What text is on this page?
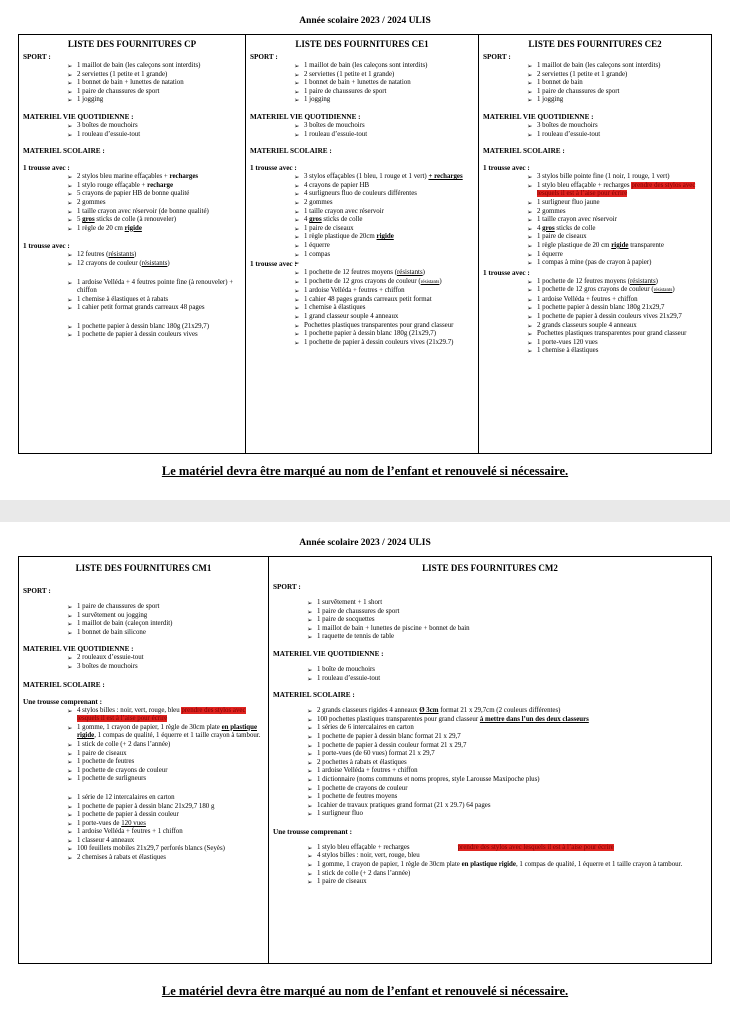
Année scolaire 2023 / 2024 ULIS
LISTE DES FOURNITURES CP
SPORT :
➢ 1 maillot de bain (les caleçons sont interdits)
➢ 2 serviettes (1 petite et 1 grande)
➢ 1 bonnet de bain + lunettes de natation
➢ 1 paire de chaussures de sport
➢ 1 jogging
MATERIEL VIE QUOTIDIENNE :
➢ 3 boîtes de mouchoirs
➢ 1 rouleau d’essuie-tout
MATERIEL SCOLAIRE :
1 trousse avec :
➢ 2 stylos bleu marine effaçables + recharges
➢ 1 stylo rouge effaçable + recharge
➢ 5 crayons de papier HB de bonne qualité
➢ 2 gommes
➢ 1 taille crayon avec réservoir (de bonne qualité)
➢ 5 gros sticks de colle (à renouveler)
➢ 1 règle de 20 cm rigide
1 trousse avec :
➢ 12 feutres (résistants)
➢ 12 crayons de couleur (résistants)
➢ 1 ardoise Velléda + 4 feutres pointe fine (à renouveler) + chiffon
➢ 1 chemise à élastiques et à rabats
➢ 1 cahier petit format grands carreaux 48 pages
➢ 1 pochette papier à dessin blanc 180g (21x29,7)
➢ 1 pochette de papier à dessin couleurs vives
LISTE DES FOURNITURES CE1
SPORT :
➢ 1 maillot de bain (les caleçons sont interdits)
➢ 2 serviettes (1 petite et 1 grande)
➢ 1 bonnet de bain + lunettes de natation
➢ 1 paire de chaussures de sport
➢ 1 jogging
MATERIEL VIE QUOTIDIENNE :
➢ 3 boîtes de mouchoirs
➢ 1 rouleau d’essuie-tout
MATERIEL SCOLAIRE :
1 trousse avec :
➢ 3 stylos effaçables (1 bleu, 1 rouge et 1 vert) + recharges
➢ 4 crayons de papier HB
➢ 4 surligneurs fluo de couleurs différentes
➢ 2 gommes
➢ 1 taille crayon avec réservoir
➢ 4 gros sticks de colle
➢ 1 paire de ciseaux
➢ 1 règle plastique de 20cm rigide
➢ 1 équerre
➢ 1 compas
1 trousse avec :
➢ 1 pochette de 12 feutres moyens (résistants)
➢ 1 pochette de 12 gros crayons de couleur (résistants)
➢ 1 ardoise Velléda + feutres + chiffon
➢ 1 cahier 48 pages grands carreaux petit format
➢ 1 chemise à élastiques
➢ 1 grand classeur souple 4 anneaux
➢ Pochettes plastiques transparentes pour grand classeur
➢ 1 pochette papier à dessin blanc 180g (21x29,7)
➢ 1 pochette de papier à dessin couleurs vives (21x29.7)
LISTE DES FOURNITURES CE2
SPORT :
➢ 1 maillot de bain (les caleçons sont interdits)
➢ 2 serviettes (1 petite et 1 grande)
➢ 1 bonnet de bain
➢ 1 paire de chaussures de sport
➢ 1 jogging
MATERIEL VIE QUOTIDIENNE :
➢ 3 boîtes de mouchoirs
➢ 1 rouleau d’essuie-tout
MATERIEL SCOLAIRE :
1 trousse avec :
➢ 3 stylos bille pointe fine (1 noir, 1 rouge, 1 vert)
➢ 1 stylo bleu effaçable + recharges prendre des stylos avec lesquels il est à l’aise pour écrire
➢ 1 surligneur fluo jaune
➢ 2 gommes
➢ 1 taille crayon avec réservoir
➢ 4 gros sticks de colle
➢ 1 paire de ciseaux
➢ 1 règle plastique de 20 cm rigide transparente
➢ 1 équerre
➢ 1 compas à mine (pas de crayon à papier)
1 trousse avec :
➢ 1 pochette de 12 feutres moyens (résistants)
➢ 1 pochette de 12 gros crayons de couleur (résistants)
➢ 1 ardoise Velléda + feutres + chiffon
➢ 1 pochette papier à dessin blanc 180g 21x29,7
➢ 1 pochette de papier à dessin couleurs vives 21x29,7
➢ 2 grands classeurs souple 4 anneaux
➢ Pochettes plastiques transparentes pour grand classeur
➢ 1 porte-vues 120 vues
➢ 1 chemise à élastiques
Le matériel devra être marqué au nom de l’enfant et renouvelé si nécessaire.
Année scolaire 2023 / 2024 ULIS
LISTE DES FOURNITURES CM1
SPORT :
➢ 1 paire de chaussures de sport
➢ 1 survêtement ou jogging
➢ 1 maillot de bain (caleçon interdit)
➢ 1 bonnet de bain silicone
MATERIEL VIE QUOTIDIENNE :
➢ 2 rouleaux d’essuie-tout
➢ 3 boîtes de mouchoirs
MATERIEL SCOLAIRE :
Une trousse comprenant :
➢ 4 stylos billes : noir, vert, rouge, bleu prendre des stylos avec lesquels il est à l’aise pour écrire
➢ 1 gomme, 1 crayon de papier, 1 règle de 30cm plate en plastique rigide, 1 compas de qualité, 1 équerre et 1 taille crayon à tambour.
➢ 1 stick de colle (+ 2 dans l’année)
➢ 1 paire de ciseaux
➢ 1 pochette de feutres
➢ 1 pochette de crayons de couleur
➢ 1 pochette de surligneurs
➢ 1 série de 12 intercalaires en carton
➢ 1 pochette de papier à dessin blanc 21x29,7 180 g
➢ 1 pochette de papier à dessin couleur
➢ 1 porte-vues de 120 vues
➢ 1 ardoise Velléda + feutres + 1 chiffon
➢ 1 classeur 4 anneaux
➢ 100 feuillets mobiles 21x29,7 perforés blancs (Seyès)
➢ 2 chemises à rabats et élastiques
LISTE DES FOURNITURES CM2
SPORT :
➢ 1 survêtement + 1 short
➢ 1 paire de chaussures de sport
➢ 1 paire de socquettes
➢ 1 maillot de bain + lunettes de piscine + bonnet de bain
➢ 1 raquette de tennis de table
MATERIEL VIE QUOTIDIENNE :
➢ 1 boîte de mouchoirs
➢ 1 rouleau d’essuie-tout
MATERIEL SCOLAIRE :
➢ 2 grands classeurs rigides 4 anneaux Ø 3cm format 21 x 29,7cm (2 couleurs différentes)
➢ 100 pochettes plastiques transparentes pour grand classeur à mettre dans l’un des deux classeurs
➢ 1 séries de 6 intercalaires en carton
➢ 1 pochette de papier à dessin blanc format 21 x 29,7
➢ 1 pochette de papier à dessin couleur format 21 x 29,7
➢ 1 porte-vues (de 60 vues) format 21 x 29,7
➢ 2 pochettes à rabats et élastiques
➢ 1 ardoise Velléda + feutres + chiffon
➢ 1 dictionnaire (noms communs et noms propres, style Larousse Maxipoche plus)
➢ 1 pochette de crayons de couleur
➢ 1 pochette de feutres moyens
➢ 1cahier de travaux pratiques grand format (21 x 29.7) 64 pages
➢ 1 surligneur fluo
Une trousse comprenant :
➢ 1 stylo bleu effaçable + recharges	prendre des stylos avec lesquels il est à l’aise pour écrire
➢ 4 stylos billes : noir, vert, rouge, bleu
➢ 1 gomme, 1 crayon de papier, 1 règle de 30cm plate en plastique rigide, 1 compas de qualité, 1 équerre et 1 taille crayon à tambour.
➢ 1 stick de colle (+ 2 dans l’année)
➢ 1 paire de ciseaux
Le matériel devra être marqué au nom de l’enfant et renouvelé si nécessaire.
